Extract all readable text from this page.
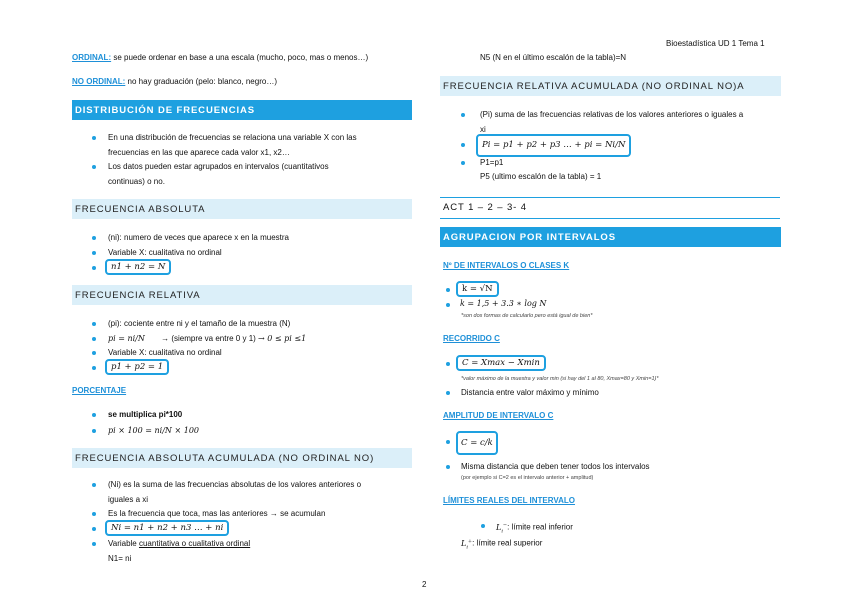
Bioestadística UD 1 Tema 1
ORDINAL: se puede ordenar en base a una escala (mucho, poco, mas o menos…)
NO ORDINAL: no hay graduación (pelo: blanco, negro…)
DISTRIBUCIÓN DE FRECUENCIAS
En una distribución de frecuencias se relaciona una variable X con las
frecuencias en las que aparece cada valor x1, x2…
Los datos pueden estar agrupados en intervalos (cuantitativos
continuas) o no.
FRECUENCIA ABSOLUTA
(ni): numero de veces que aparece x en la muestra
Variable X: cualitativa no ordinal
n1 + n2 = N
FRECUENCIA RELATIVA
(pi): cociente entre ni y el tamaño de la muestra (N)
pi = ni/N → (siempre va entre 0 y 1) → 0 ≤ pi ≤1
Variable X: cualitativa no ordinal
p1 + p2 = 1
PORCENTAJE
se multiplica pi*100
pi × 100 = ni/N × 100
FRECUENCIA ABSOLUTA ACUMULADA (NO ORDINAL NO)
(Ni) es la suma de las frecuencias absolutas de los valores anteriores o
iguales a xi
Es la frecuencia que toca, mas las anteriores → se acumulan
Ni = n1 + n2 + n3 … + ni
Variable cuantitativa o cualitativa ordinal
N1= ni
N5 (N en el último escalón de la tabla)=N
FRECUENCIA RELATIVA ACUMULADA (NO ORDINAL NO)A
(Pi) suma de las frecuencias relativas de los valores anteriores o iguales a
xi
Pi = p1 + p2 + p3 … + pi = Ni/N
P1=p1
P5 (ultimo escalón de la tabla) = 1
ACT 1 – 2 – 3- 4
AGRUPACION POR INTERVALOS
Nº DE INTERVALOS O CLASES K
k = √N
k = 1,5 + 3.3 ∗ log N
*son dos formas de calcularlo pero está igual de bien*
RECORRIDO C
C = Xmax − Xmin
*valor máximo de la muestra y valor min (si hay del 1 al 80, Xmax=80 y Xmin=1)*
Distancia entre valor máximo y mínimo
AMPLITUD DE INTERVALO C
C = c/k
Misma distancia que deben tener todos los intervalos
(por ejemplo si C=2 es el intervalo anterior + amplitud)
LÍMITES REALES DEL INTERVALO
$L_i^-$: límite real inferior
$L_i^+$: límite real superior
2
